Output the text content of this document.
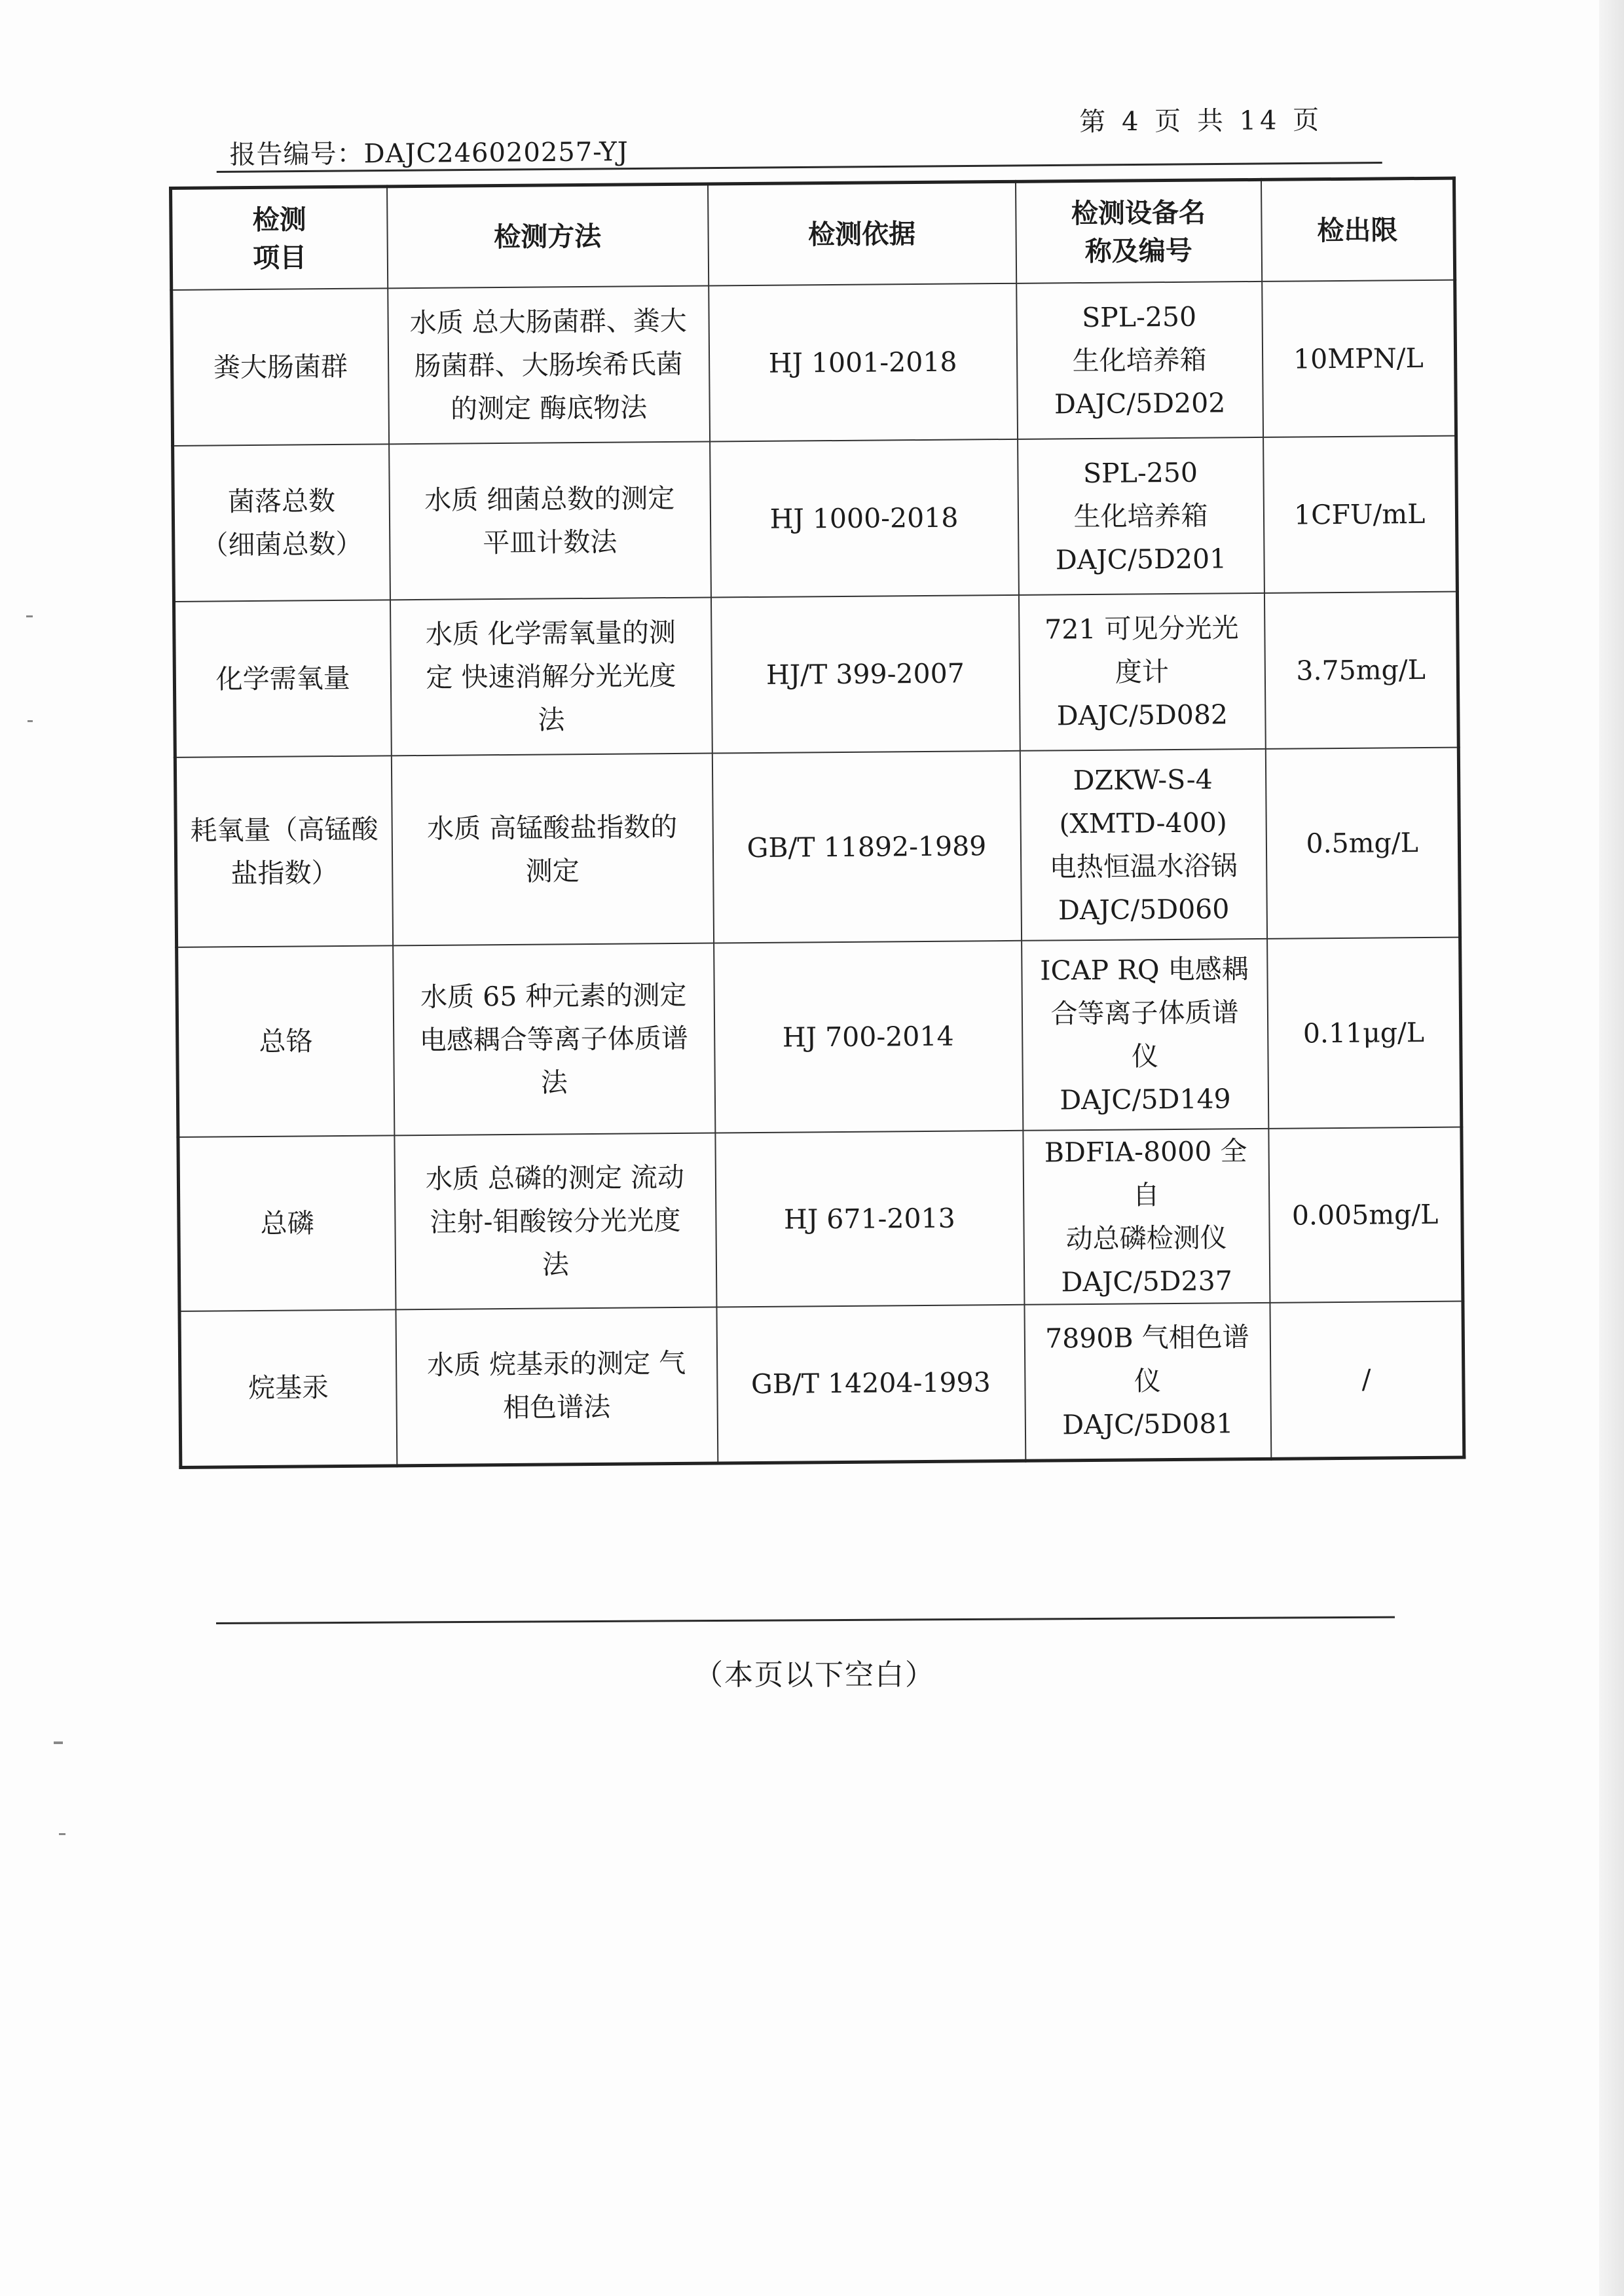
报告编号：DAJC246020257-YJ
第 4 页 共 14 页
检测
项目	检测方法	检测依据	检测设备名
称及编号	检出限

粪大肠菌群	水质 总大肠菌群、粪大
肠菌群、大肠埃希氏菌
的测定 酶底物法	HJ 1001-2018	SPL-250
生化培养箱
DAJC/5D202	10MPN/L

菌落总数
（细菌总数）	水质 细菌总数的测定
平皿计数法	HJ 1000-2018	SPL-250
生化培养箱
DAJC/5D201	1CFU/mL

化学需氧量	水质 化学需氧量的测
定 快速消解分光光度
法	HJ/T 399-2007	721 可见分光光
度计
DAJC/5D082	3.75mg/L

耗氧量（高锰酸
盐指数）	水质 高锰酸盐指数的
测定	GB/T 11892-1989	DZKW-S-4
(XMTD-400)
电热恒温水浴锅
DAJC/5D060	0.5mg/L

总铬	水质 65 种元素的测定
电感耦合等离子体质谱
法	HJ 700-2014	ICAP RQ 电感耦
合等离子体质谱
仪
DAJC/5D149	0.11μg/L

总磷	水质 总磷的测定 流动
注射-钼酸铵分光光度
法	HJ 671-2013	BDFIA-8000 全自
动总磷检测仪
DAJC/5D237	0.005mg/L

烷基汞	水质 烷基汞的测定 气
相色谱法	GB/T 14204-1993	7890B 气相色谱
仪
DAJC/5D081	/
（本页以下空白）
